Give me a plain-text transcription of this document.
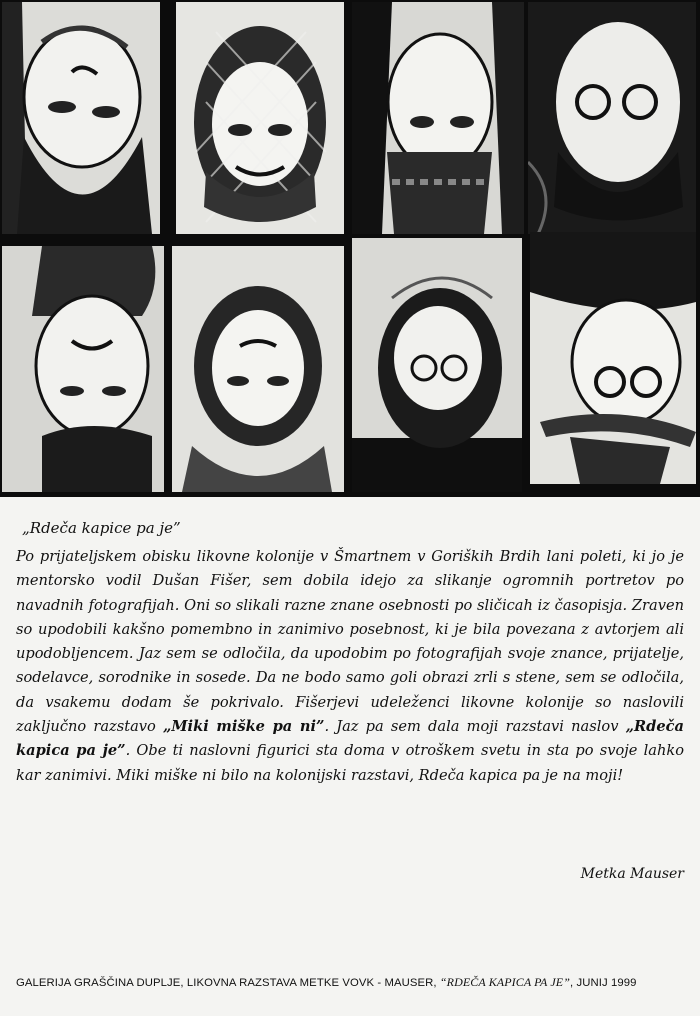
„Rdeča kapice pa je”

Po prijateljskem obisku likovne kolonije v Šmartnem v Goriških Brdih lani poleti, ki jo je mentorsko vodil Dušan Fišer, sem dobila idejo za slikanje ogromnih portretov po navadnih fotografijah. Oni so slikali razne znane osebnosti po sličicah iz časopisja. Zraven so upodobili kakšno pomembno in zanimivo posebnost, ki je bila povezana z avtorjem ali upodobljencem. Jaz sem se odločila, da upodobim po fotografijah svoje znance, prijatelje, sodelavce, sorodnike in sosede. Da ne bodo samo goli obrazi zrli s stene, sem se odločila, da vsakemu dodam še pokrivalo. Fišerjevi udeleženci likovne kolonije so naslovili zaključno razstavo „Miki miške pa ni”. Jaz pa sem dala moji razstavi naslov „Rdeča kapica pa je”. Obe ti naslovni figurici sta doma v otroškem svetu in sta po svoje lahko kar zanimivi. Miki miške ni bilo na kolonijski razstavi, Rdeča kapica pa je na moji!

Metka Mauser
GALERIJA GRAŠČINA DUPLJE, LIKOVNA RAZSTAVA METKE VOVK - MAUSER, “RDEČA KAPICA PA JE”, JUNIJ 1999
